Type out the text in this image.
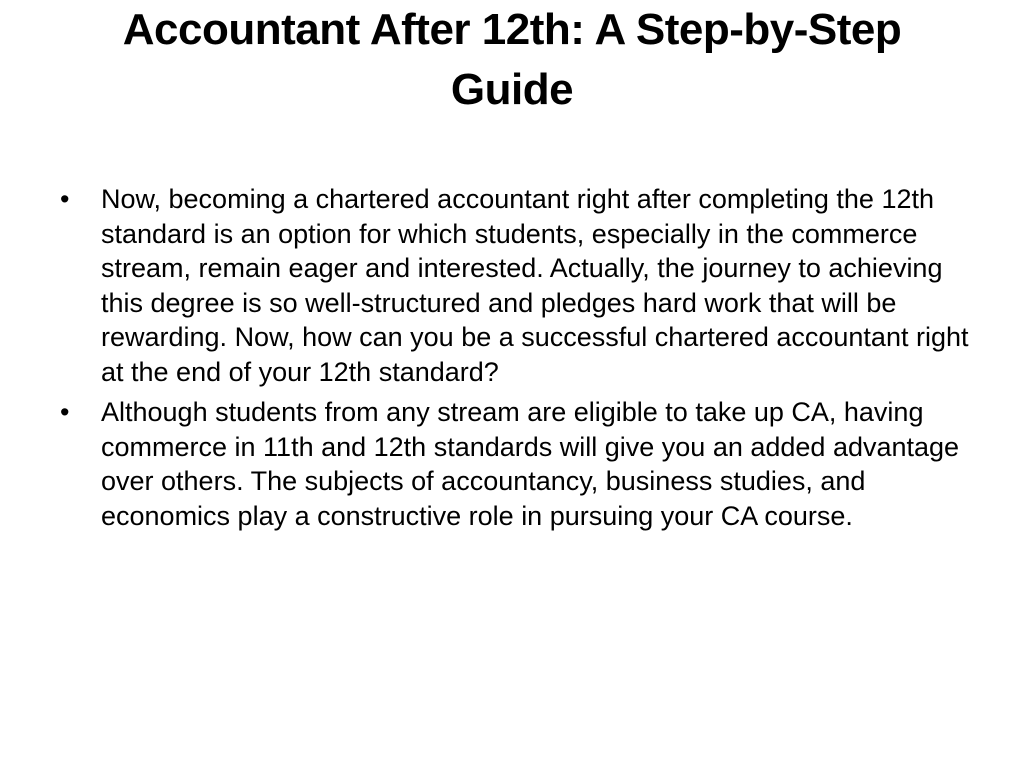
Accountant After 12th: A Step-by-Step Guide
• Now, becoming a chartered accountant right after completing the 12th standard is an option for which students, especially in the commerce stream, remain eager and interested. Actually, the journey to achieving this degree is so well-structured and pledges hard work that will be rewarding. Now, how can you be a successful chartered accountant right at the end of your 12th standard?
• Although students from any stream are eligible to take up CA, having commerce in 11th and 12th standards will give you an added advantage over others. The subjects of accountancy, business studies, and economics play a constructive role in pursuing your CA course.
